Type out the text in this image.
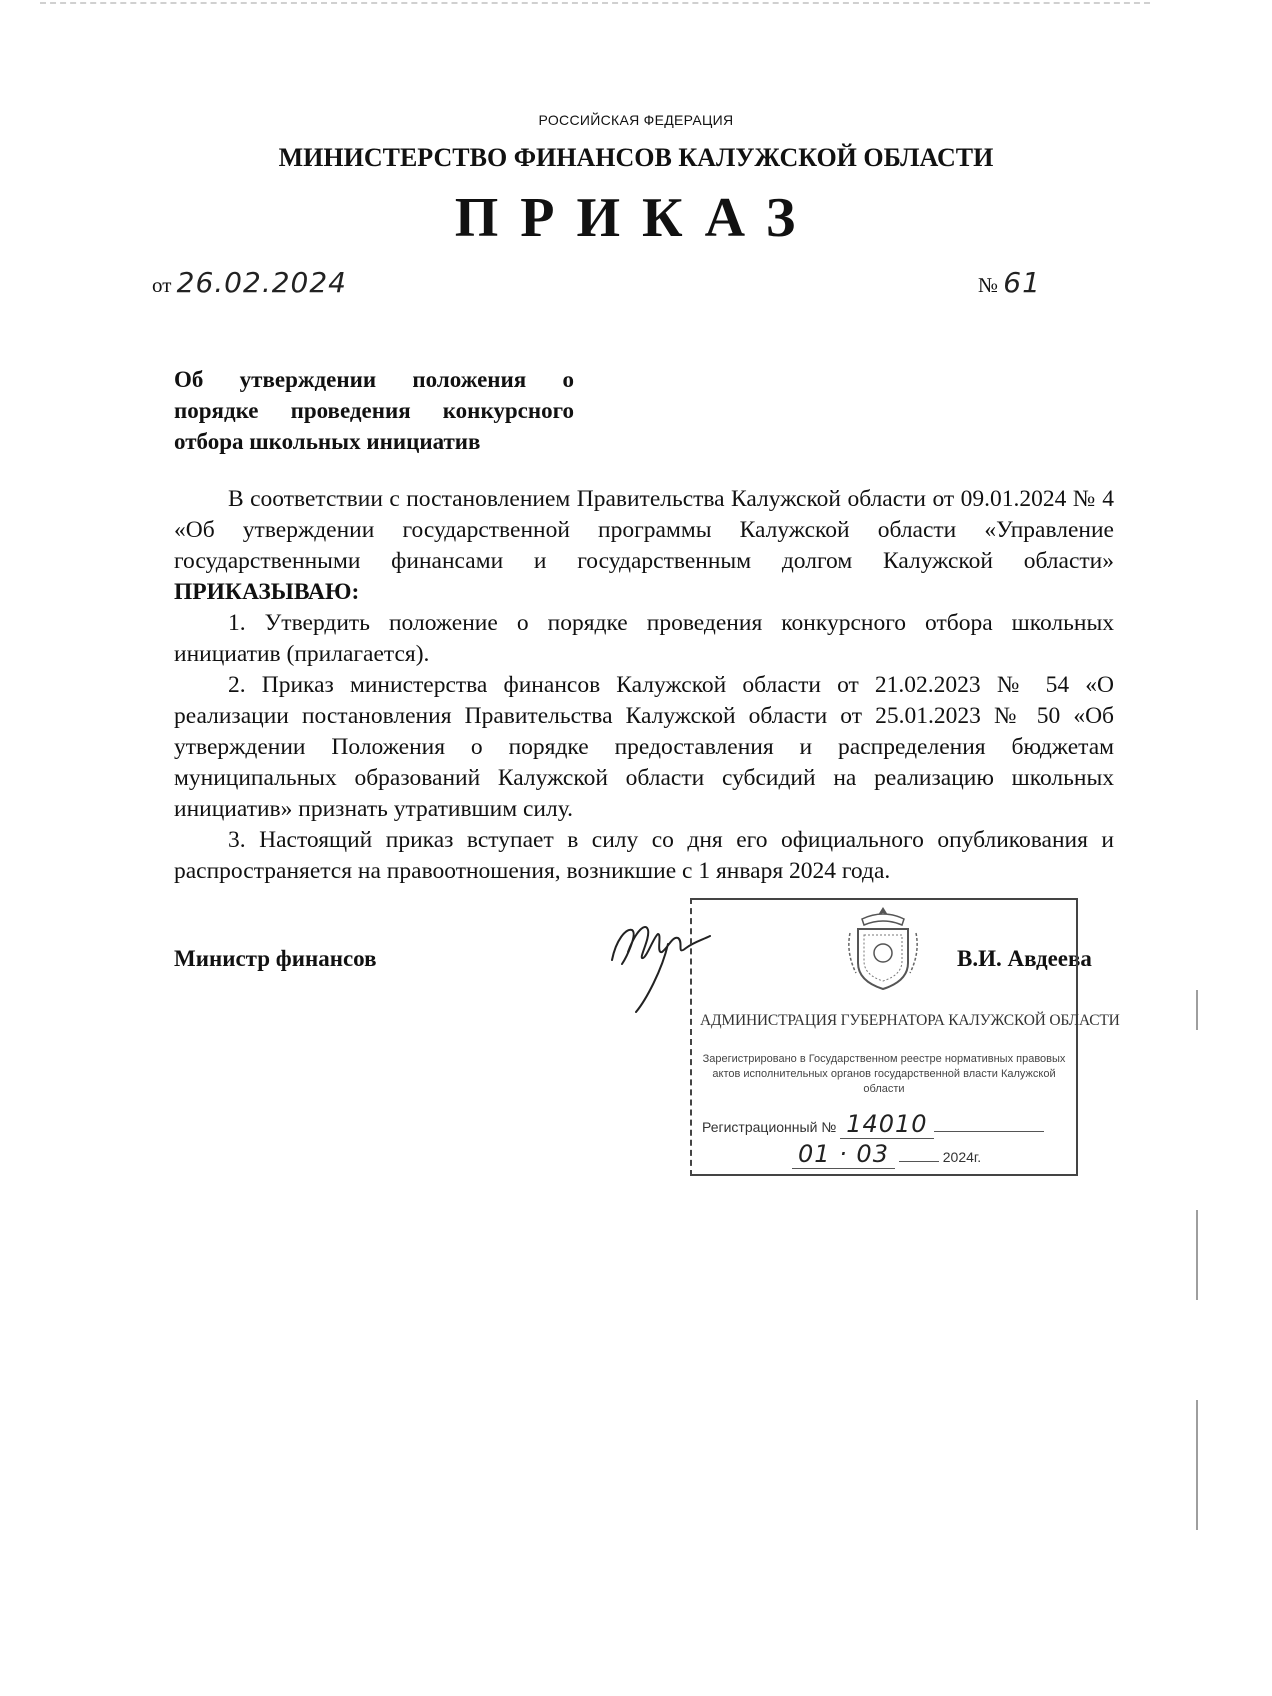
РОССИЙСКАЯ ФЕДЕРАЦИЯ
МИНИСТЕРСТВО ФИНАНСОВ КАЛУЖСКОЙ ОБЛАСТИ
ПРИКАЗ
от 26.02.2024	№ 61
Об утверждении положения о
порядке проведения конкурсного
отбора школьных инициатив

В соответствии с постановлением Правительства Калужской области от 09.01.2024 № 4 «Об утверждении государственной программы Калужской области «Управление государственными финансами и государственным долгом Калужской области» ПРИКАЗЫВАЮ:

1. Утвердить положение о порядке проведения конкурсного отбора школьных инициатив (прилагается).

2. Приказ министерства финансов Калужской области от 21.02.2023 № 54 «О реализации постановления Правительства Калужской области от 25.01.2023 № 50 «Об утверждении Положения о порядке предоставления и распределения бюджетам муниципальных образований Калужской области субсидий на реализацию школьных инициатив» признать утратившим силу.

3. Настоящий приказ вступает в силу со дня его официального опубликования и распространяется на правоотношения, возникшие с 1 января 2024 года.

Министр финансов	В.И. Авдеева
АДМИНИСТРАЦИЯ ГУБЕРНАТОРА КАЛУЖСКОЙ ОБЛАСТИ
Зарегистрировано в Государственном реестре нормативных правовых актов исполнительных органов государственной власти Калужской области
Регистрационный № 14010
01 · 03	2024г.
